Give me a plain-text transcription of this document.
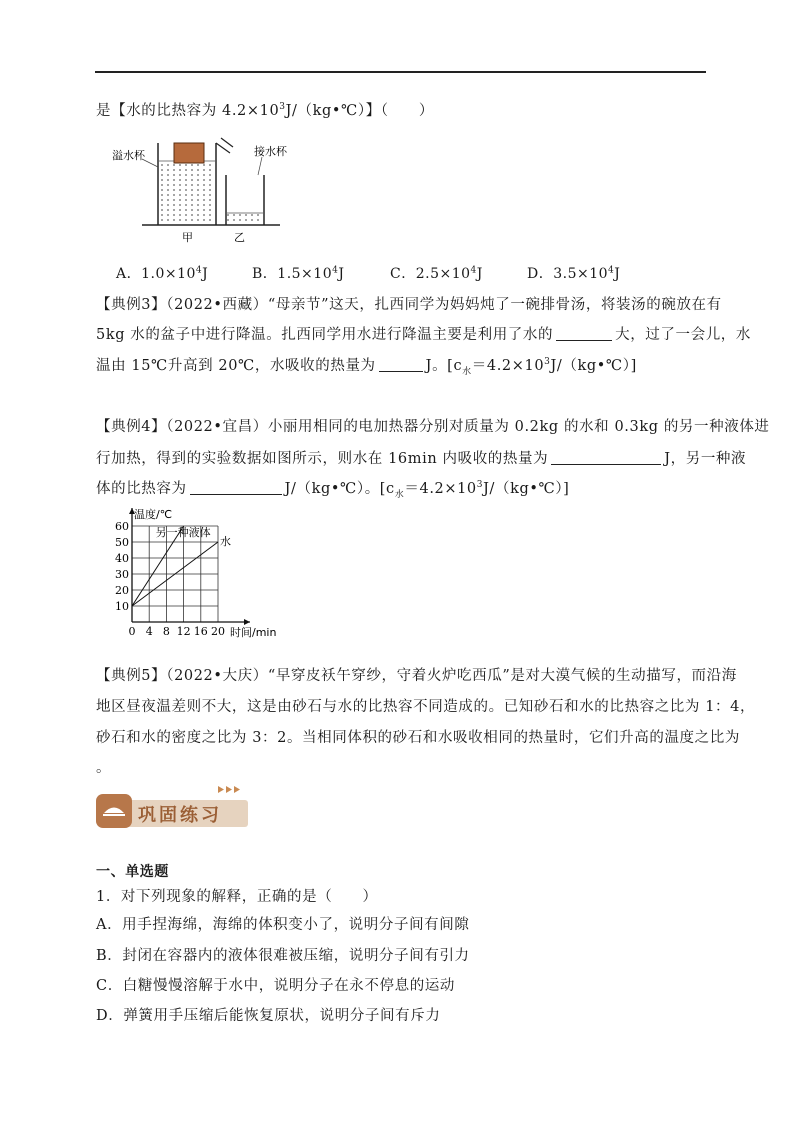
是【水的比热容为 $4.2\times 10^3J/(kg•℃)$】（　　）
溢水杯	接水杯
甲	乙
A．$1.0\times 10^4J$	B．$1.5\times 10^4J$	C．$2.5\times 10^4J$	D．$3.5\times 10^4J$
【典例3】（2022•西藏）“母亲节”这天，扎西同学为妈妈炖了一碗排骨汤，将装汤的碗放在有
5kg 水的盆子中进行降温。扎西同学用水进行降温主要是利用了水的	大，过了一会儿，水
温由 15℃升高到 20℃，水吸收的热量为	J。$[c_水=4.2\times 10^3J/(kg•℃)]$
【典例4】（2022•宜昌）小丽用相同的电加热器分别对质量为 0.2kg 的水和 0.3kg 的另一种液体进
行加热，得到的实验数据如图所示，则水在 16min 内吸收的热量为	J，另一种液
体的比热容为	J/（kg•℃）。$[c_水=4.2\times 10^3J/(kg•℃)]$
0 4 8 12 16 20
10
20
30
40
50
60
温度/℃
时间/min
另一种液体
水
【典例5】（2022•大庆）“早穿皮袄午穿纱，守着火炉吃西瓜”是对大漠气候的生动描写，而沿海
地区昼夜温差则不大，这是由砂石与水的比热容不同造成的。已知砂石和水的比热容之比为 1：4，
砂石和水的密度之比为 3：2。当相同体积的砂石和水吸收相同的热量时，它们升高的温度之比为
。
巩固练习
一、单选题
1．对下列现象的解释，正确的是（　　）
A．用手捏海绵，海绵的体积变小了，说明分子间有间隙
B．封闭在容器内的液体很难被压缩，说明分子间有引力
C．白糖慢慢溶解于水中，说明分子在永不停息的运动
D．弹簧用手压缩后能恢复原状，说明分子间有斥力
